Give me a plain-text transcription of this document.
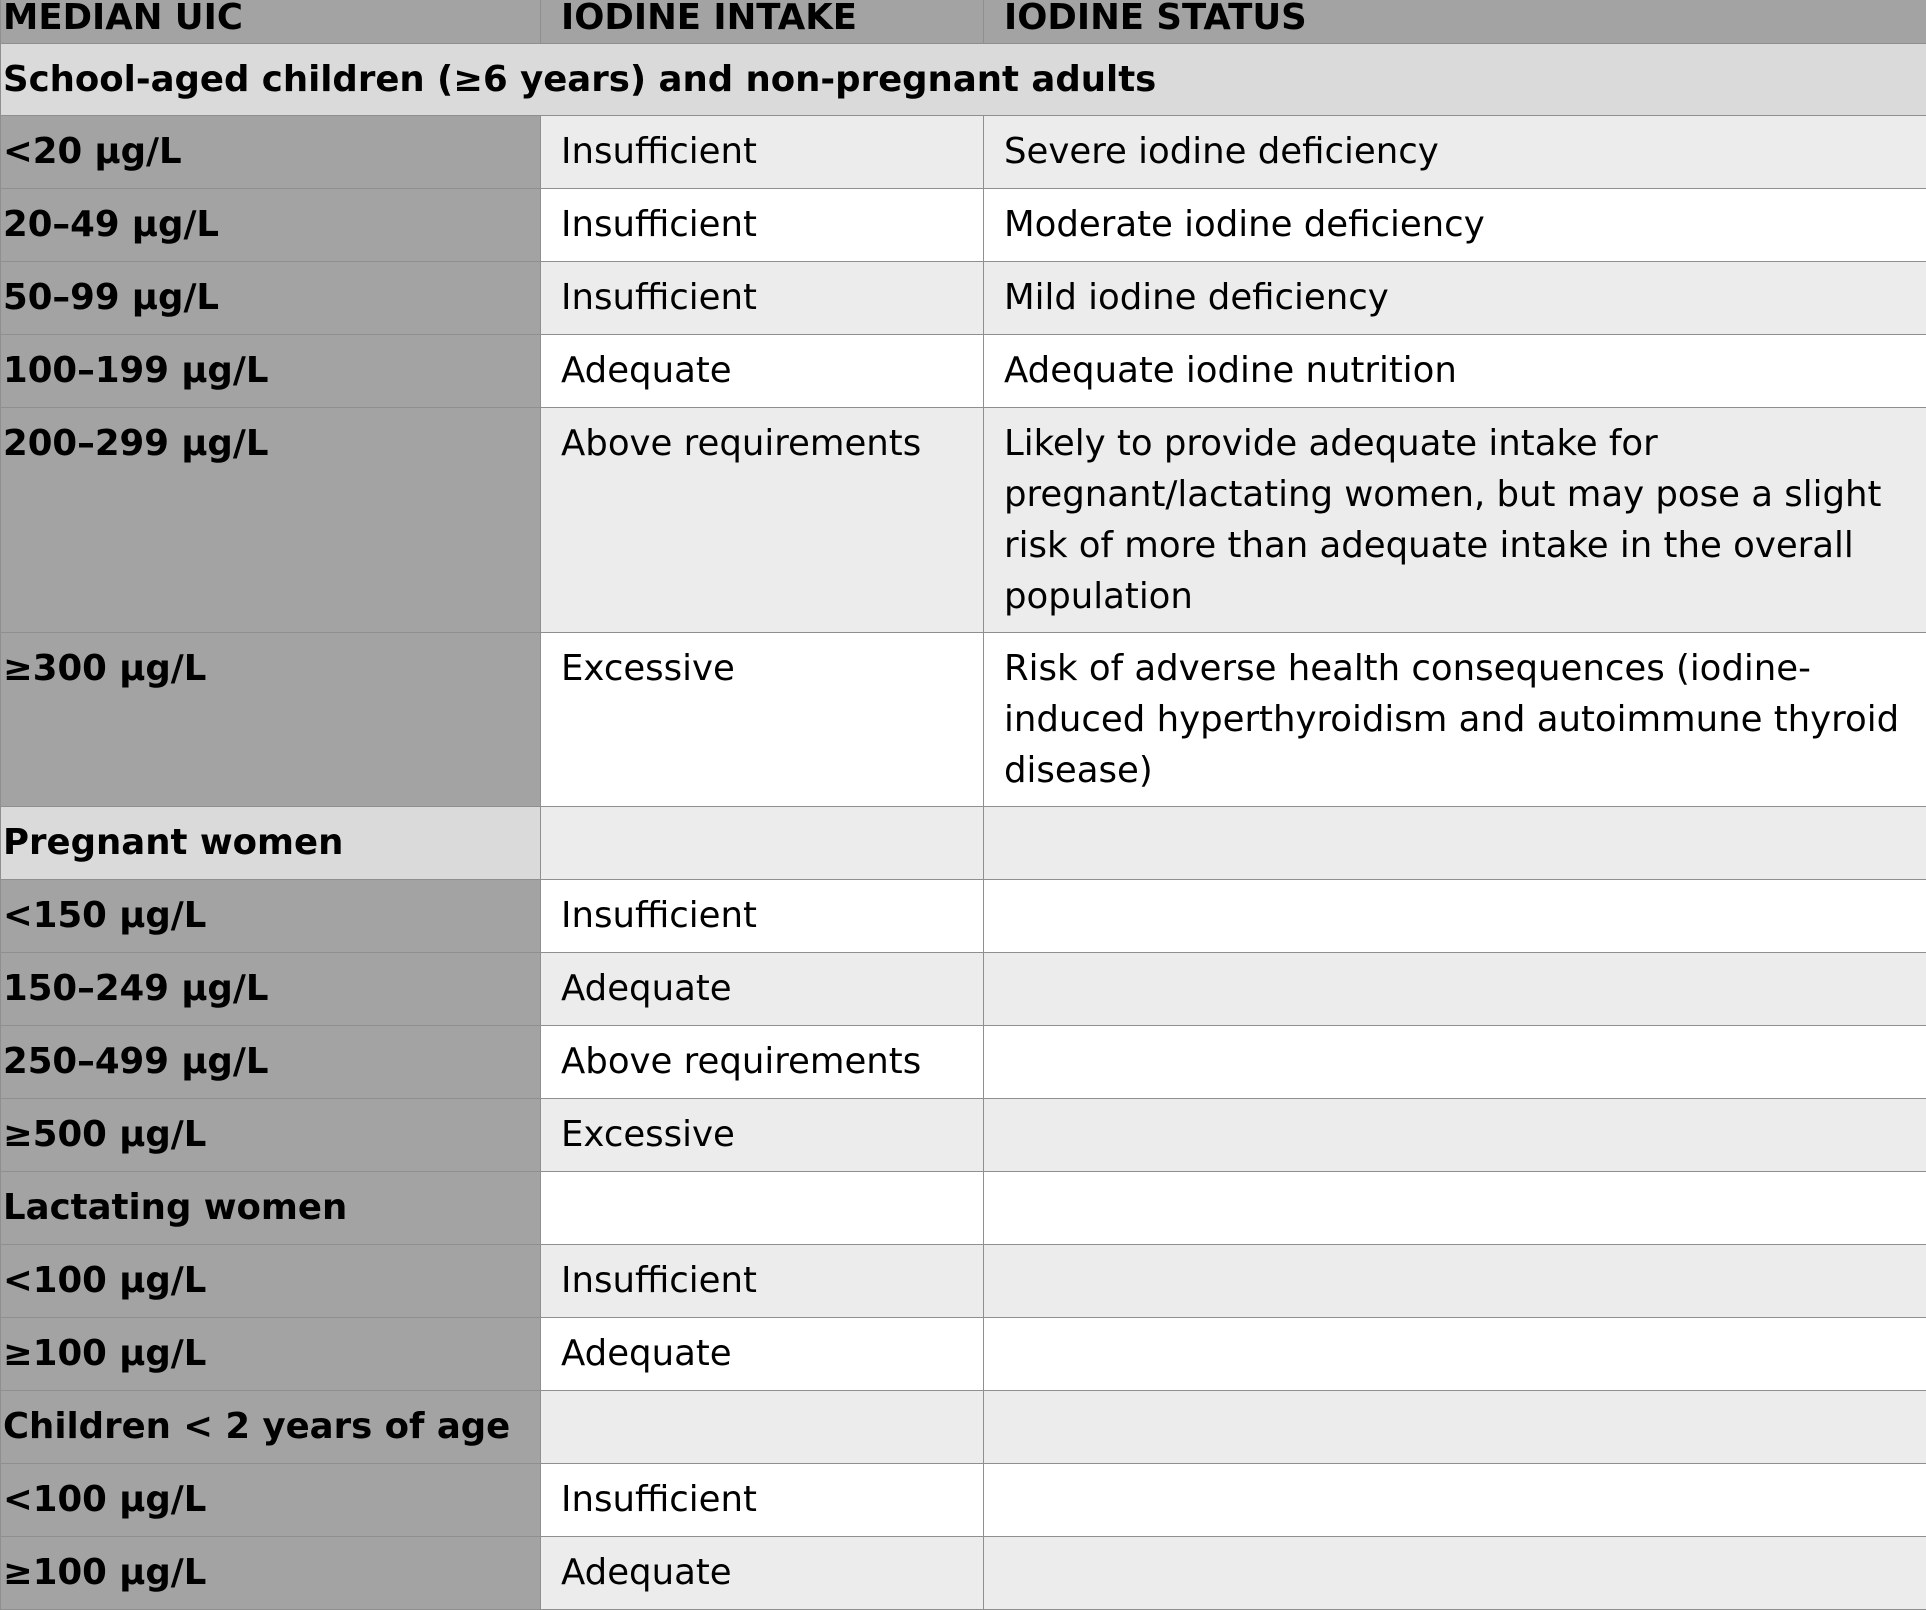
MEDIAN UIC	IODINE INTAKE	IODINE STATUS
School-aged children (≥6 years) and non-pregnant adults		
<20 μg/L	Insufficient	Severe iodine deficiency
20–49 μg/L	Insufficient	Moderate iodine deficiency
50–99 μg/L	Insufficient	Mild iodine deficiency
100–199 μg/L	Adequate	Adequate iodine nutrition
200–299 μg/L	Above requirements	Likely to provide adequate intake for pregnant/lactating women, but may pose a slight risk of more than adequate intake in the overall population
≥300 μg/L	Excessive	Risk of adverse health consequences (iodine-induced hyperthyroidism and autoimmune thyroid disease)
Pregnant women		
<150 μg/L	Insufficient	
150–249 μg/L	Adequate	
250–499 μg/L	Above requirements	
≥500 μg/L	Excessive	
Lactating women		
<100 μg/L	Insufficient	
≥100 μg/L	Adequate	
Children < 2 years of age		
<100 μg/L	Insufficient	
≥100 μg/L	Adequate	
